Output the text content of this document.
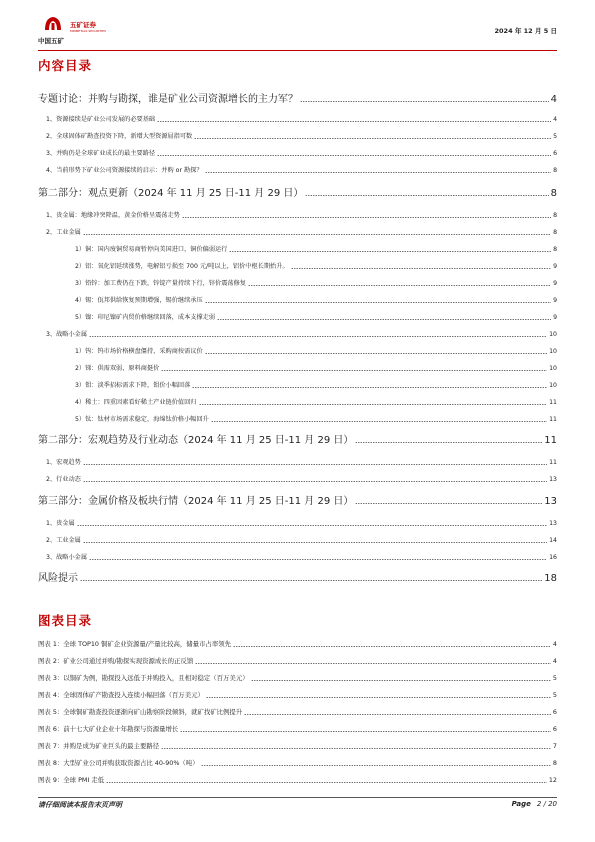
中国五矿
五矿证券
MINMETALS SECURITIES	2024 年 12 月 5 日
内容目录
专题讨论：并购与勘探，谁是矿业公司资源增长的主力军？	4
1、资源接续是矿业公司发展的必要基础	4
2、全球固体矿勘查投资下降，新增大型资源屈指可数	5
3、并购仍是全球矿业成长的最主要路径	6
4、当前形势下矿业公司资源接续的启示：并购 or 勘探？	8
第二部分：观点更新（2024 年 11 月 25 日-11 月 29 日）	8
1、贵金属：地缘冲突降温，黄金价格呈震荡走势	8
2、工业金属	8
1）铜：国内废铜贸易商暂停向美国进口，铜价偏弱运行	8
2）铝：氧化铝延续涨势，电解铝亏损至 700 元/吨以上，铝价中枢长期抬升。	9
3）铅锌：加工费仍在下跌，锌锭产量持续下行，锌价震荡修复	9
4）锡：佤邦供给恢复预期增强，锡价继续承压	9
5）镍：印尼镍矿内贸价格继续回落，成本支撑走弱	9
3、战略小金属	10
1）钨：钨市场价格横盘僵持，采购商按需议价	10
2）锑：供需双弱，原料商挺价	10
3）钼：淡季招标需求下降，钼价小幅回落	10
4）稀土：四重因素看好稀土产业链价值回归	11
5）钛：钛材市场需求稳定，海绵钛价格小幅回升	11
第二部分：宏观趋势及行业动态（2024 年 11 月 25 日-11 月 29 日）	11
1、宏观趋势	11
2、行业动态	13
第三部分：金属价格及板块行情（2024 年 11 月 25 日-11 月 29 日）	13
1、贵金属	13
2、工业金属	14
3、战略小金属	16
风险提示	18
图表目录
图表 1：全球 TOP10 铜矿企业资源量/产量比较高，储量市占率领先	4
图表 2：矿业公司通过并购/勘探实现资源成长的正反馈	4
图表 3：以铜矿为例，勘探投入远低于并购投入，且相对稳定（百万美元）	5
图表 4：全球固体矿产勘查投入连续小幅回落（百万美元）	5
图表 5：全球铜矿勘查投资逐渐向矿山勘察阶段倾斜，就矿找矿比例提升	6
图表 6：前十七大矿业企业十年勘探与资源量增长	6
图表 7：并购是成为矿业巨头的最主要路径	7
图表 8：大型矿业公司并购获取资源占比 40-90%（吨）	8
图表 9：全球 PMI 走低	12
请仔细阅读本报告末页声明	Page 2 / 20
